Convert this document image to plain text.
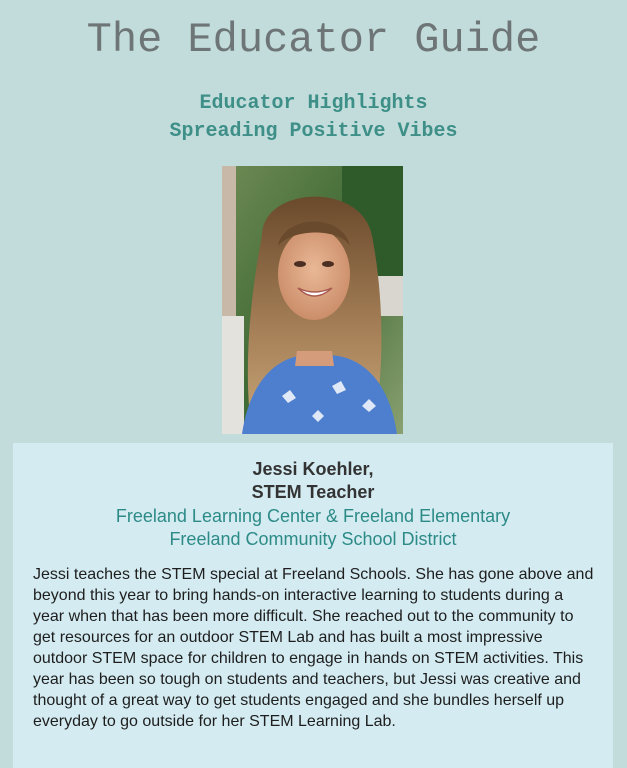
The Educator Guide
Educator Highlights
Spreading Positive Vibes
Jessi Koehler,
STEM Teacher
Freeland Learning Center & Freeland Elementary
Freeland Community School District

Jessi teaches the STEM special at Freeland Schools. She has gone above and beyond this year to bring hands-on interactive learning to students during a year when that has been more difficult. She reached out to the community to get resources for an outdoor STEM Lab and has built a most impressive outdoor STEM space for children to engage in hands on STEM activities. This year has been so tough on students and teachers, but Jessi was creative and thought of a great way to get students engaged and she bundles herself up everyday to go outside for her STEM Learning Lab.
